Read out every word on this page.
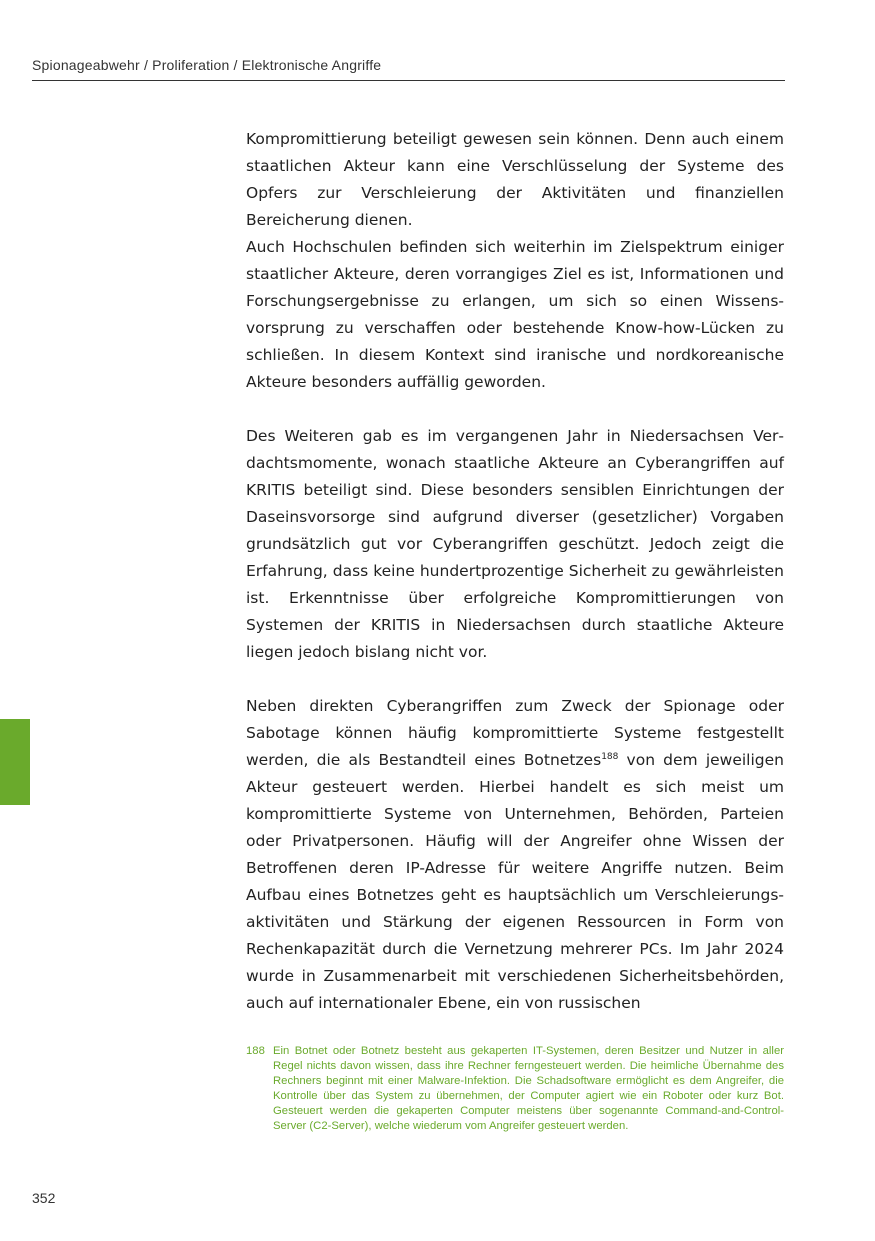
Spionageabwehr / Proliferation / Elektronische Angriffe

Kompromittierung beteiligt gewesen sein können. Denn auch einem staatlichen Akteur kann eine Verschlüsselung der Systeme des Opfers zur Verschleierung der Aktivitäten und finanziellen Bereicherung dienen.

Auch Hochschulen befinden sich weiterhin im Zielspektrum einiger staatlicher Akteure, deren vorrangiges Ziel es ist, Informationen und Forschungsergebnisse zu erlangen, um sich so einen Wissensvorsprung zu verschaffen oder bestehende Know-how-Lücken zu schließen. In diesem Kontext sind iranische und nordkoreanische Akteure besonders auffällig geworden.

Des Weiteren gab es im vergangenen Jahr in Niedersachsen Verdachtsmomente, wonach staatliche Akteure an Cyberangriffen auf KRITIS beteiligt sind. Diese besonders sensiblen Einrichtungen der Daseinsvorsorge sind aufgrund diverser (gesetzlicher) Vorgaben grundsätzlich gut vor Cyberangriffen geschützt. Jedoch zeigt die Erfahrung, dass keine hundertprozentige Sicherheit zu gewährleisten ist. Erkenntnisse über erfolgreiche Kompromittierungen von Systemen der KRITIS in Niedersachsen durch staatliche Akteure liegen jedoch bislang nicht vor.

Neben direkten Cyberangriffen zum Zweck der Spionage oder Sabotage können häufig kompromittierte Systeme festgestellt werden, die als Bestandteil eines Botnetzes$^{188}$ von dem jeweiligen Akteur gesteuert werden. Hierbei handelt es sich meist um kompromittierte Systeme von Unternehmen, Behörden, Parteien oder Privatpersonen. Häufig will der Angreifer ohne Wissen der Betroffenen deren IP-Adresse für weitere Angriffe nutzen. Beim Aufbau eines Botnetzes geht es hauptsächlich um Verschleierungsaktivitäten und Stärkung der eigenen Ressourcen in Form von Rechenkapazität durch die Vernetzung mehrerer PCs. Im Jahr 2024 wurde in Zusammenarbeit mit verschiedenen Sicherheitsbehörden, auch auf internationaler Ebene, ein von russischen

188 Ein Botnet oder Botnetz besteht aus gekaperten IT-Systemen, deren Besitzer und Nutzer in aller Regel nichts davon wissen, dass ihre Rechner ferngesteuert werden. Die heimliche Übernahme des Rechners beginnt mit einer Malware-Infektion. Die Schadsoftware ermöglicht es dem Angreifer, die Kontrolle über das System zu übernehmen, der Computer agiert wie ein Roboter oder kurz Bot. Gesteuert werden die gekaperten Computer meistens über sogenannte Command-and-Control-Server (C2-Server), welche wiederum vom Angreifer gesteuert werden.

352
